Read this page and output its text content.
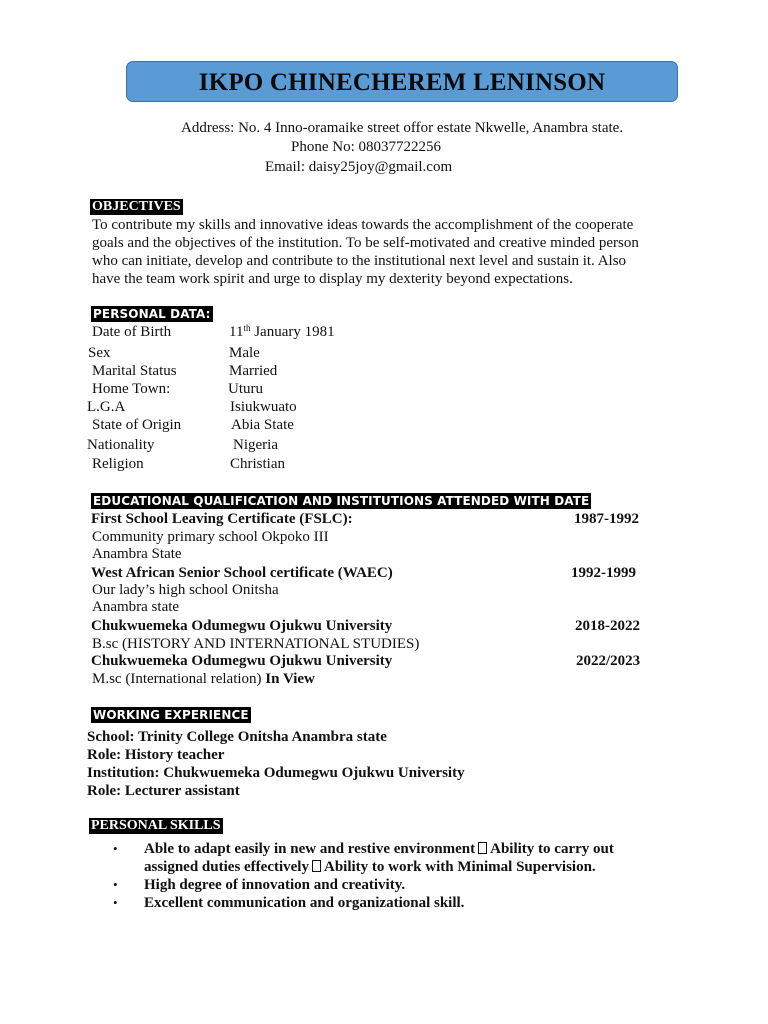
IKPO CHINECHEREM LENINSON
Address: No. 4 Inno-oramaike street offor estate Nkwelle, Anambra state.
Phone No: 08037722256
Email: daisy25joy@gmail.com
OBJECTIVES
To contribute my skills and innovative ideas towards the accomplishment of the cooperate
goals and the objectives of the institution. To be self-motivated and creative minded person
who can initiate, develop and contribute to the institutional next level and sustain it. Also
have the team work spirit and urge to display my dexterity beyond expectations.
PERSONAL DATA:
Date of Birth	11th January 1981
Sex	Male
Marital Status	Married
Home Town:	Uturu
L.G.A	Isiukwuato
State of Origin	Abia State
Nationality	Nigeria
Religion	Christian
EDUCATIONAL QUALIFICATION AND INSTITUTIONS ATTENDED WITH DATE
First School Leaving Certificate (FSLC):	1987-1992
Community primary school Okpoko III
Anambra State
West African Senior School certificate (WAEC)	1992-1999
Our lady’s high school Onitsha
Anambra state
Chukwuemeka Odumegwu Ojukwu University	2018-2022
B.sc (HISTORY AND INTERNATIONAL STUDIES)
Chukwuemeka Odumegwu Ojukwu University	2022/2023
M.sc (International relation) In View
WORKING EXPERIENCE
School: Trinity College Onitsha Anambra state
Role: History teacher
Institution: Chukwuemeka Odumegwu Ojukwu University
Role: Lecturer assistant
PERSONAL SKILLS
• Able to adapt easily in new and restive environment Ability to carry out
assigned duties effectively Ability to work with Minimal Supervision.
• High degree of innovation and creativity.
• Excellent communication and organizational skill.
